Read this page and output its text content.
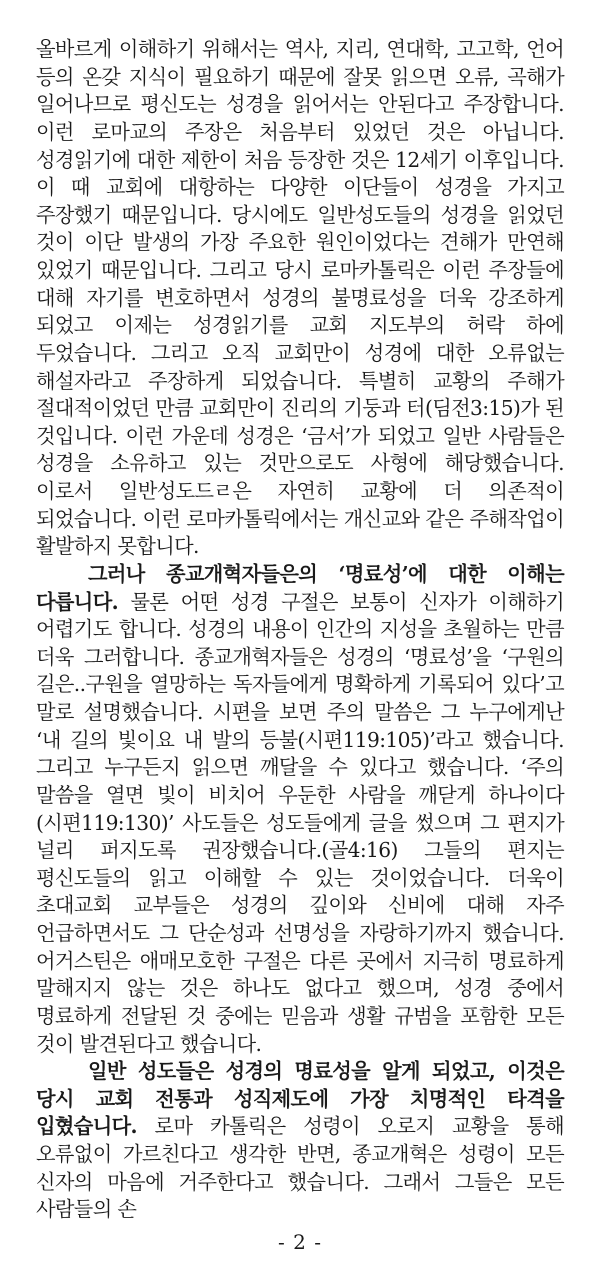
올바르게 이해하기 위해서는 역사, 지리, 연대학, 고고학, 언어 등의 온갖 지식이 필요하기 때문에 잘못 읽으면 오류, 곡해가 일어나므로 평신도는 성경을 읽어서는 안된다고 주장합니다. 이런 로마교의 주장은 처음부터 있었던 것은 아닙니다. 성경읽기에 대한 제한이 처음 등장한 것은 12세기 이후입니다. 이 때 교회에 대항하는 다양한 이단들이 성경을 가지고 주장했기 때문입니다. 당시에도 일반성도들의 성경을 읽었던 것이 이단 발생의 가장 주요한 원인이었다는 견해가 만연해 있었기 때문입니다. 그리고 당시 로마카톨릭은 이런 주장들에 대해 자기를 변호하면서 성경의 불명료성을 더욱 강조하게 되었고 이제는 성경읽기를 교회 지도부의 허락 하에 두었습니다. 그리고 오직 교회만이 성경에 대한 오류없는 해설자라고 주장하게 되었습니다. 특별히 교황의 주해가 절대적이었던 만큼 교회만이 진리의 기둥과 터(딤전3:15)가 된 것입니다. 이런 가운데 성경은 ‘금서’가 되었고 일반 사람들은 성경을 소유하고 있는 것만으로도 사형에 해당했습니다. 이로서 일반성도드ㄹ은 자연히 교황에 더 의존적이 되었습니다. 이런 로마카톨릭에서는 개신교와 같은 주해작업이 활발하지 못합니다.

그러나 종교개혁자들은의 ‘명료성’에 대한 이해는 다릅니다. 물론 어떤 성경 구절은 보통이 신자가 이해하기 어렵기도 합니다. 성경의 내용이 인간의 지성을 초월하는 만큼 더욱 그러합니다. 종교개혁자들은 성경의 ‘명료성’을 ‘구원의 길은..구원을 열망하는 독자들에게 명확하게 기록되어 있다’고 말로 설명했습니다. 시편을 보면 주의 말씀은 그 누구에게난 ‘내 길의 빛이요 내 발의 등불(시편119:105)’라고 했습니다. 그리고 누구든지 읽으면 깨달을 수 있다고 했습니다. ‘주의 말씀을 열면 빛이 비치어 우둔한 사람을 깨닫게 하나이다(시편119:130)’ 사도들은 성도들에게 글을 썼으며 그 편지가 널리 퍼지도록 권장했습니다.(골4:16) 그들의 편지는 평신도들의 읽고 이해할 수 있는 것이었습니다. 더욱이 초대교회 교부들은 성경의 깊이와 신비에 대해 자주 언급하면서도 그 단순성과 선명성을 자랑하기까지 했습니다. 어거스틴은 애매모호한 구절은 다른 곳에서 지극히 명료하게 말해지지 않는 것은 하나도 없다고 했으며, 성경 중에서 명료하게 전달된 것 중에는 믿음과 생활 규범을 포함한 모든 것이 발견된다고 했습니다.

일반 성도들은 성경의 명료성을 알게 되었고, 이것은 당시 교회 전통과 성직제도에 가장 치명적인 타격을 입혔습니다. 로마 카톨릭은 성령이 오로지 교황을 통해 오류없이 가르친다고 생각한 반면, 종교개혁은 성령이 모든 신자의 마음에 거주한다고 했습니다. 그래서 그들은 모든 사람들의 손

- 2 -
